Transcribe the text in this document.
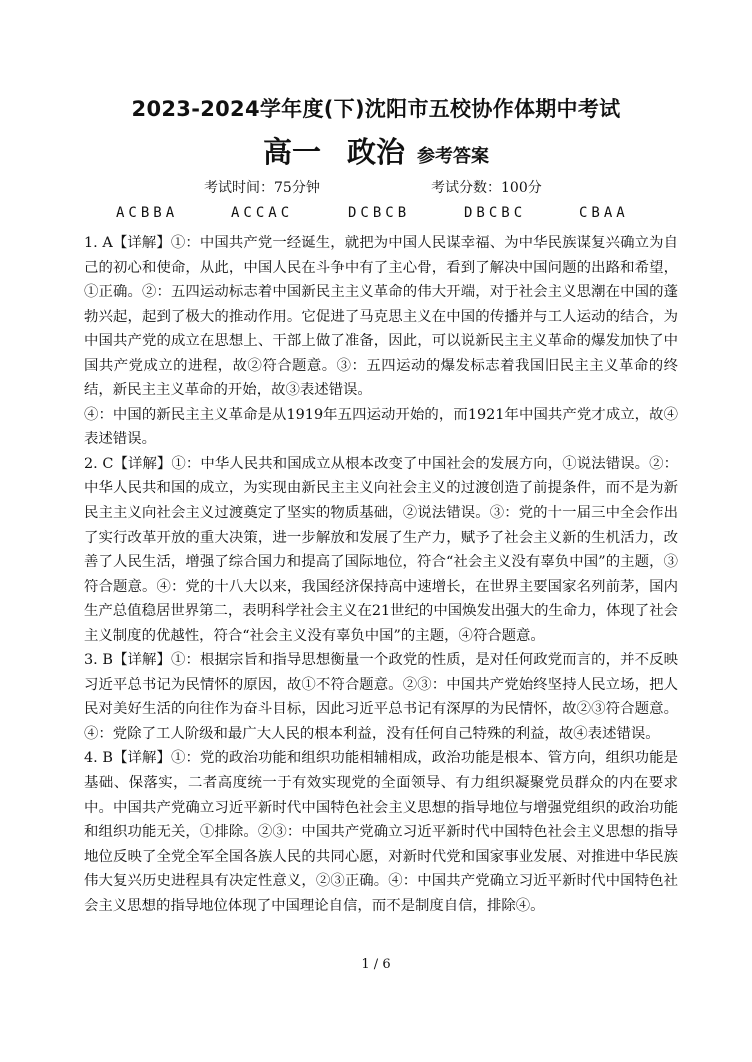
2023-2024学年度(下)沈阳市五校协作体期中考试
高一 政治 参考答案
考试时间：75分钟	考试分数：100分
ACBBA	ACCAC	DCBCB	DBCBC	CBAA

1. A【详解】①：中国共产党一经诞生，就把为中国人民谋幸福、为中华民族谋复兴确立为自己的初心和使命，从此，中国人民在斗争中有了主心骨，看到了解决中国问题的出路和希望，①正确。②：五四运动标志着中国新民主主义革命的伟大开端，对于社会主义思潮在中国的蓬勃兴起，起到了极大的推动作用。它促进了马克思主义在中国的传播并与工人运动的结合，为中国共产党的成立在思想上、干部上做了准备，因此，可以说新民主主义革命的爆发加快了中国共产党成立的进程，故②符合题意。③：五四运动的爆发标志着我国旧民主主义革命的终结，新民主主义革命的开始，故③表述错误。

④：中国的新民主主义革命是从1919年五四运动开始的，而1921年中国共产党才成立，故④表述错误。

2. C【详解】①：中华人民共和国成立从根本改变了中国社会的发展方向，①说法错误。②：中华人民共和国的成立，为实现由新民主主义向社会主义的过渡创造了前提条件，而不是为新民主主义向社会主义过渡奠定了坚实的物质基础，②说法错误。③：党的十一届三中全会作出了实行改革开放的重大决策，进一步解放和发展了生产力，赋予了社会主义新的生机活力，改善了人民生活，增强了综合国力和提高了国际地位，符合“社会主义没有辜负中国”的主题，③符合题意。④：党的十八大以来，我国经济保持高中速增长，在世界主要国家名列前茅，国内生产总值稳居世界第二，表明科学社会主义在21世纪的中国焕发出强大的生命力，体现了社会主义制度的优越性，符合“社会主义没有辜负中国”的主题，④符合题意。

3. B【详解】①：根据宗旨和指导思想衡量一个政党的性质，是对任何政党而言的，并不反映习近平总书记为民情怀的原因，故①不符合题意。②③：中国共产党始终坚持人民立场，把人民对美好生活的向往作为奋斗目标，因此习近平总书记有深厚的为民情怀，故②③符合题意。④：党除了工人阶级和最广大人民的根本利益，没有任何自己特殊的利益，故④表述错误。

4. B【详解】①：党的政治功能和组织功能相辅相成，政治功能是根本、管方向，组织功能是基础、保落实，二者高度统一于有效实现党的全面领导、有力组织凝聚党员群众的内在要求中。中国共产党确立习近平新时代中国特色社会主义思想的指导地位与增强党组织的政治功能和组织功能无关，①排除。②③：中国共产党确立习近平新时代中国特色社会主义思想的指导地位反映了全党全军全国各族人民的共同心愿，对新时代党和国家事业发展、对推进中华民族伟大复兴历史进程具有决定性意义，②③正确。④：中国共产党确立习近平新时代中国特色社会主义思想的指导地位体现了中国理论自信，而不是制度自信，排除④。

1 / 6
